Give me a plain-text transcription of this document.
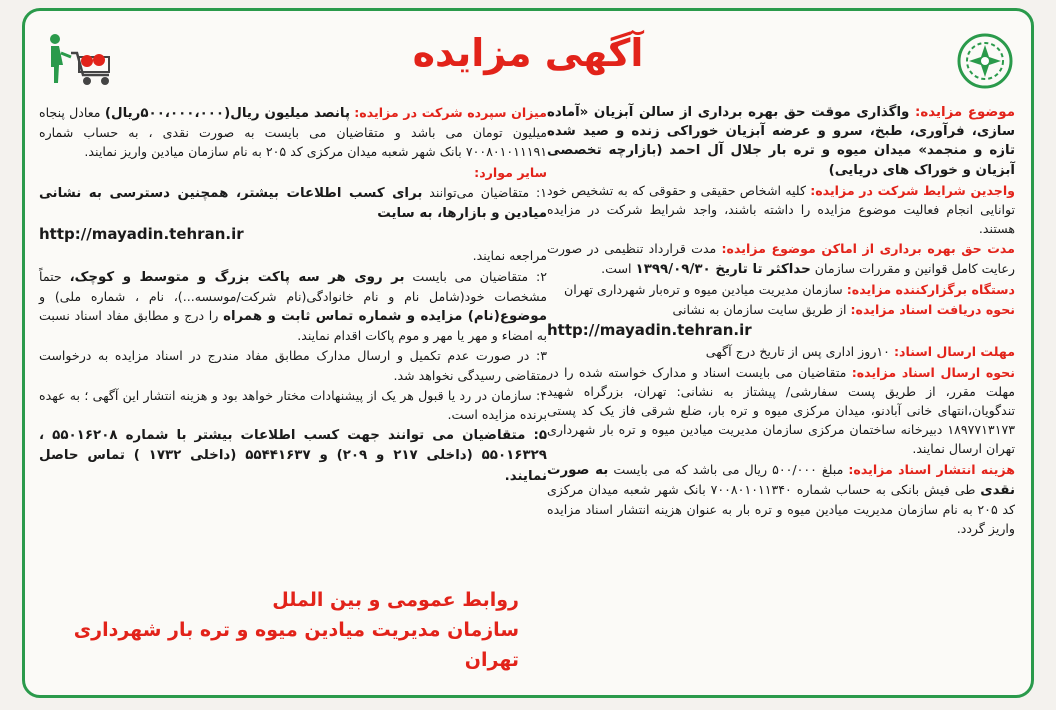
آگهی مزایده

موضوع مزایده: واگذاری موقت حق بهره برداری از سالن آبزیان «آماده سازی، فرآوری، طبخ، سرو و عرضه آبزیان خوراکی زنده و صید شده تازه و منجمد» میدان میوه و تره بار جلال آل احمد (بازارچه تخصصی آبزیان و خوراک های دریایی)

واجدین شرایط شرکت در مزایده: کلیه اشخاص حقیقی و حقوقی که به تشخیص خود توانایی انجام فعالیت موضوع مزایده را داشته باشند، واجد شرایط شرکت در مزایده هستند.

مدت حق بهره برداری از اماکن موضوع مزایده: مدت قرارداد تنظیمی در صورت رعایت کامل قوانین و مقررات سازمان حداکثر تا تاریخ ۱۳۹۹/۰۹/۳۰ است.

دستگاه برگزارکننده مزایده: سازمان مدیریت میادین میوه و تره‌بار شهرداری تهران

نحوه دریافت اسناد مزایده: از طریق سایت سازمان به نشانی

http://mayadin.tehran.ir

مهلت ارسال اسناد: ۱۰روز اداری پس از تاریخ درج آگهی

نحوه ارسال اسناد مزایده: متقاضیان می بایست اسناد و مدارک خواسته شده را در مهلت مقرر، از طریق پست سفارشی/ پیشتاز به نشانی: تهران، بزرگراه شهید تندگویان،انتهای خانی آبادنو، میدان مرکزی میوه و تره بار، ضلع شرقی فاز یک کد پستی ۱۸۹۷۷۱۳۱۷۳ دبیرخانه ساختمان مرکزی سازمان مدیریت میادین میوه و تره بار شهرداری تهران ارسال نمایند.

هزینه انتشار اسناد مزایده: مبلغ ۵۰۰/۰۰۰ ریال می باشد که می بایست به صورت نقدی طی فیش بانکی به حساب شماره ۷۰۰۸۰۱۰۱۱۳۴۰ بانک شهر شعبه میدان مرکزی کد ۲۰۵ به نام سازمان مدیریت میادین میوه و تره بار به عنوان هزینه انتشار اسناد مزایده واریز گردد.

میزان سپرده شرکت در مزایده: پانصد میلیون ریال(۵۰۰،۰۰۰،۰۰۰ریال) معادل پنجاه میلیون تومان می باشد و متقاضیان می بایست به صورت نقدی ، به حساب شماره ۷۰۰۸۰۱۰۱۱۱۹۱ بانک شهر شعبه میدان مرکزی کد ۲۰۵ به نام سازمان میادین واریز نمایند.

سایر موارد:

۱: متقاضیان می‌توانند برای کسب اطلاعات بیشتر، همچنین دسترسی به نشانی میادین و بازارها، به سایت

http://mayadin.tehran.ir

مراجعه نمایند.

۲: متقاضیان می بایست بر روی هر سه پاکت بزرگ و متوسط و کوچک، حتماً مشخصات خود(شامل نام و نام خانوادگی(نام شرکت/موسسه...)، نام ، شماره ملی) و موضوع(نام) مزایده و شماره تماس ثابت و همراه را درج و مطابق مفاد اسناد نسبت به امضاء و مهر یا مهر و موم پاکات اقدام نمایند.

۳: در صورت عدم تکمیل و ارسال مدارک مطابق مفاد مندرج در اسناد مزایده به درخواست متقاضی رسیدگی نخواهد شد.

۴: سازمان در رد یا قبول هر یک از پیشنهادات مختار خواهد بود و هزینه انتشار این آگهی ؛ به عهده برنده مزایده است.

۵: متقاضیان می توانند جهت کسب اطلاعات بیشتر با شماره ۵۵۰۱۶۲۰۸ ، ۵۵۰۱۶۳۲۹ (داخلی ۲۱۷ و ۲۰۹) و ۵۵۴۴۱۶۳۷ (داخلی ۱۷۳۲ ) تماس حاصل نمایند.

روابط عمومی و بین الملل
سازمان مدیریت میادین میوه و تره بار شهرداری تهران
